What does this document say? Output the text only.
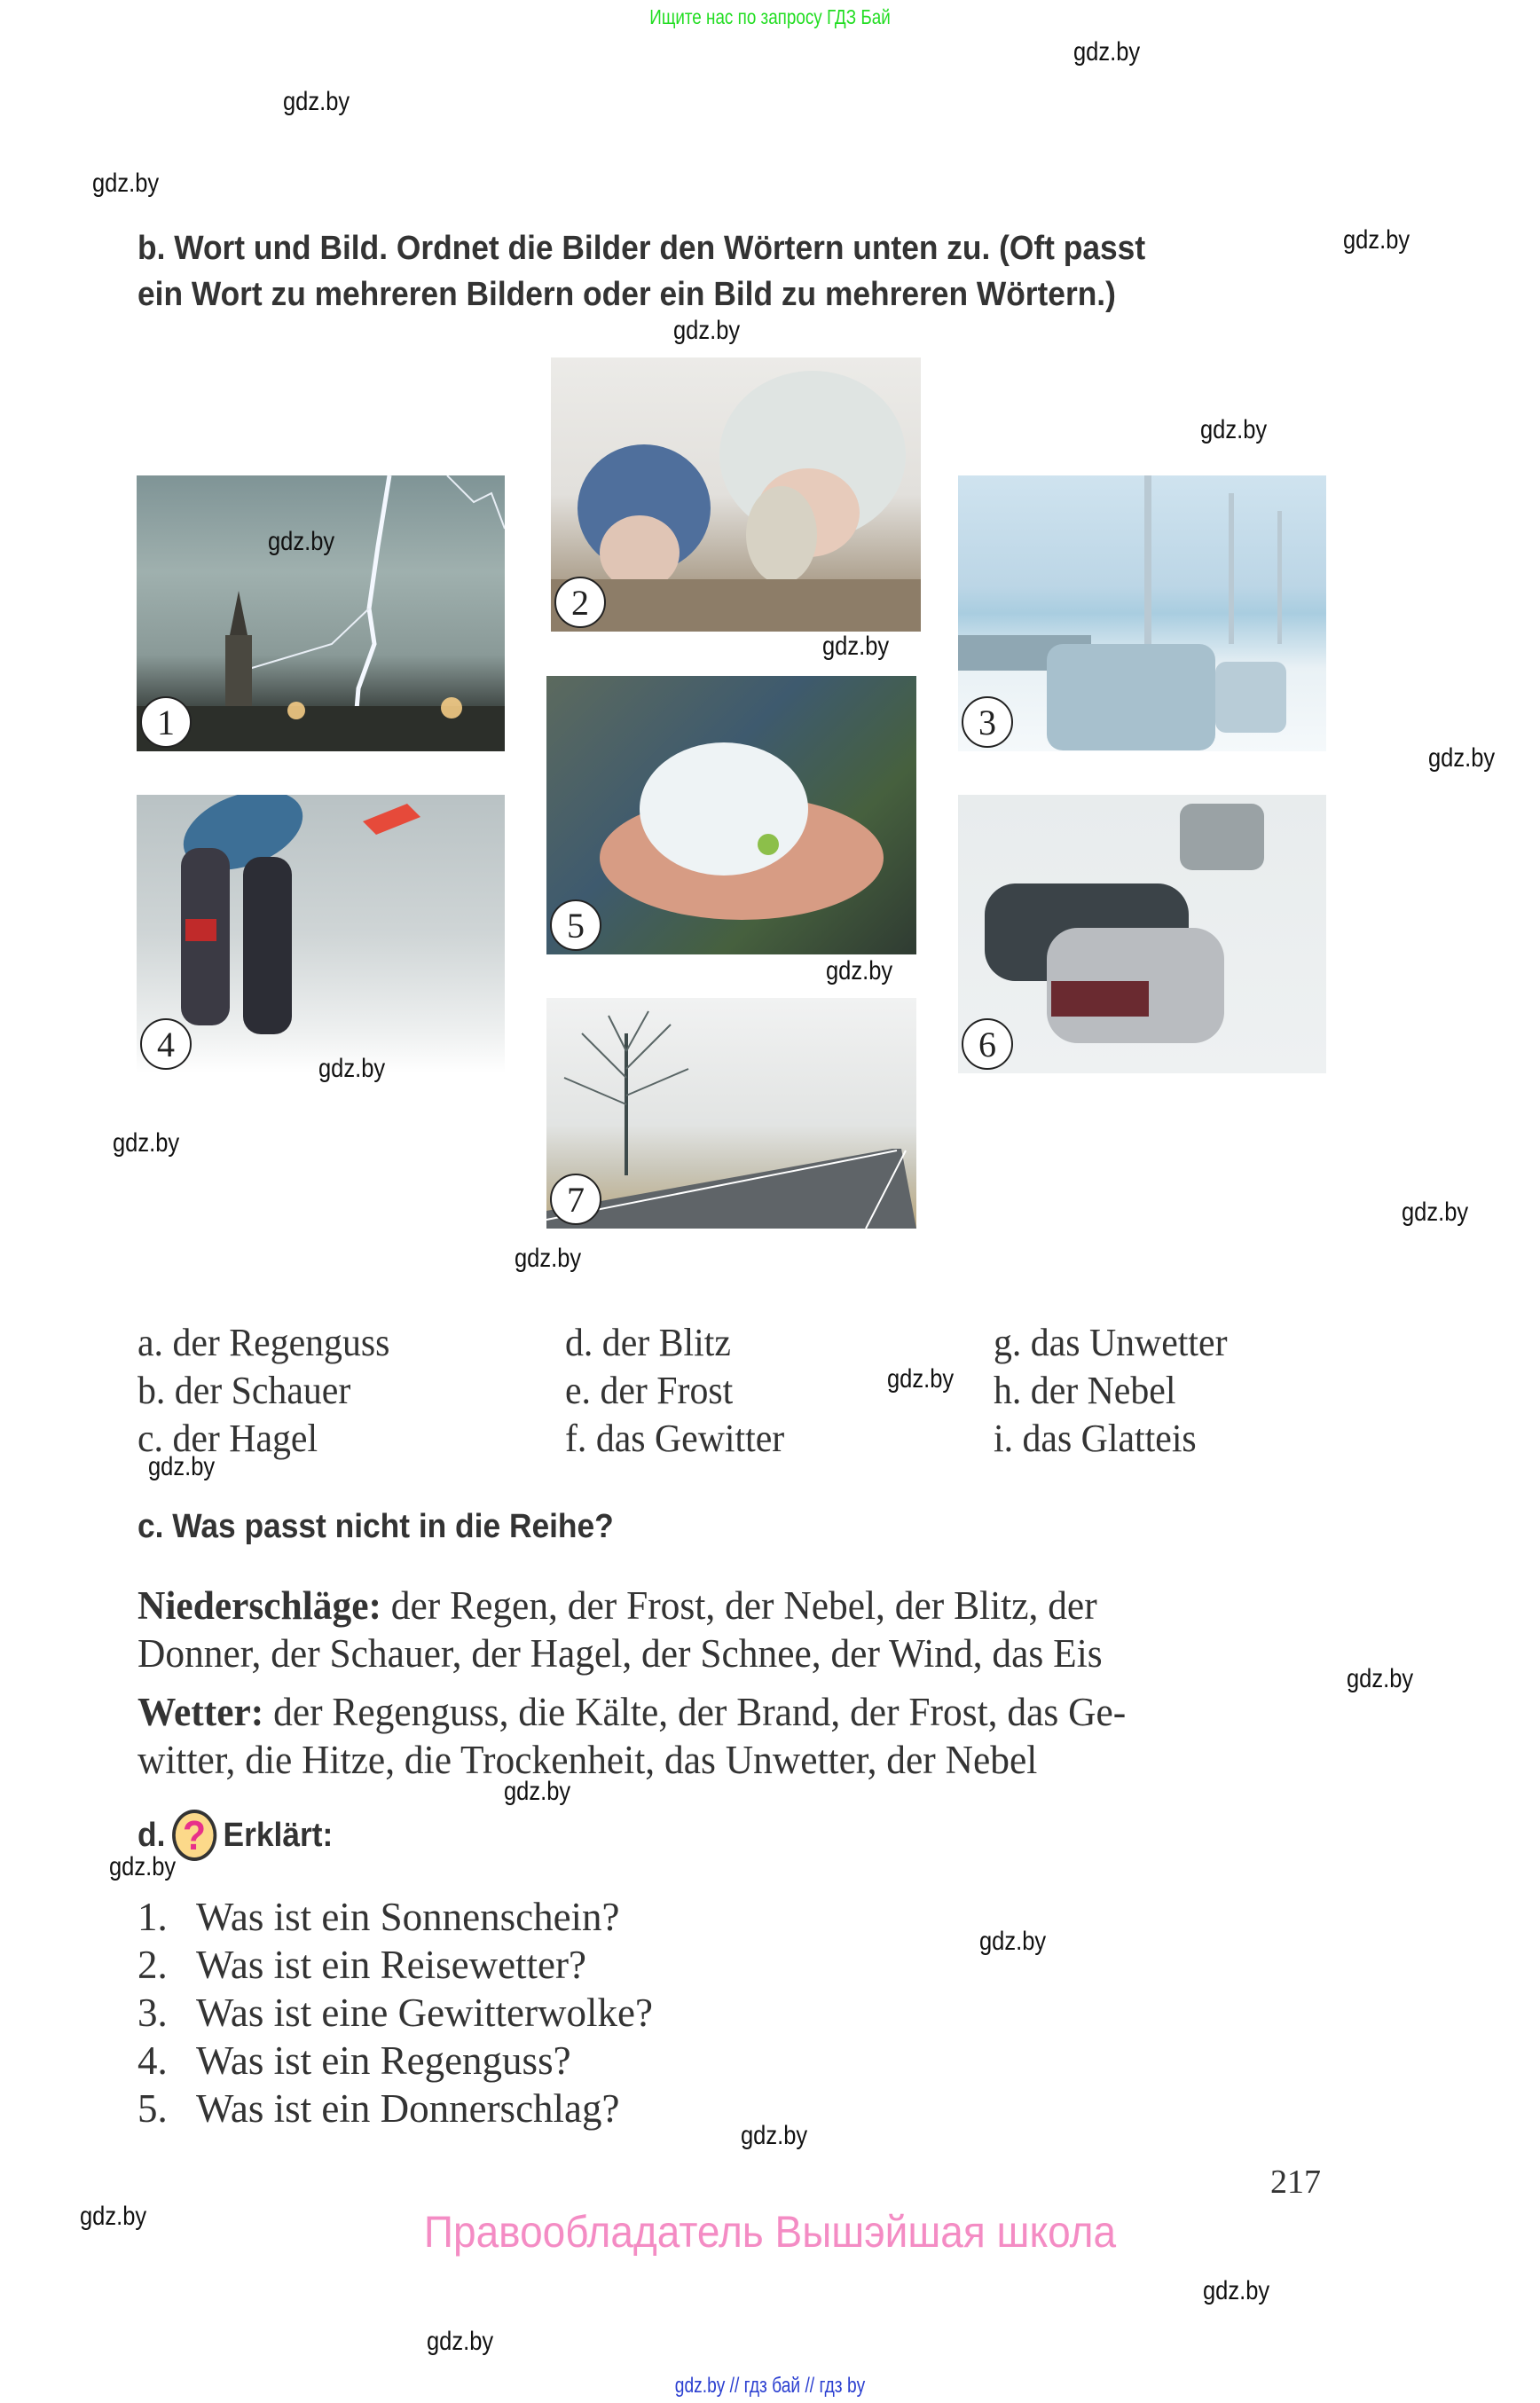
Ищите нас по запросу ГДЗ Бай
b. Wort und Bild. Ordnet die Bilder den Wörtern unten zu. (Oft passt
ein Wort zu mehreren Bildern oder ein Bild zu mehreren Wörtern.)
1
2
3
4
5
6
7
a. der Regenguss
b. der Schauer
c. der Hagel
d. der Blitz
e. der Frost
f. das Gewitter
g. das Unwetter
h. der Nebel
i. das Glatteis
c. Was passt nicht in die Reihe?
Niederschläge: der Regen, der Frost, der Nebel, der Blitz, der
Donner, der Schauer, der Hagel, der Schnee, der Wind, das Eis
Wetter: der Regenguss, die Kälte, der Brand, der Frost, das Ge-
witter, die Hitze, die Trockenheit, das Unwetter, der Nebel
d. ? Erklärt:
1. Was ist ein Sonnenschein?
2. Was ist ein Reisewetter?
3. Was ist eine Gewitterwolke?
4. Was ist ein Regenguss?
5. Was ist ein Donnerschlag?
217
Правообладатель Вышэйшая школа
gdz.by // гдз бай // гдз by
gdz.by
gdz.by
gdz.by
gdz.by
gdz.by
gdz.by
gdz.by
gdz.by
gdz.by
gdz.by
gdz.by
gdz.by
gdz.by
gdz.by
gdz.by
gdz.by
gdz.by
gdz.by
gdz.by
gdz.by
gdz.by
gdz.by
gdz.by
gdz.by
